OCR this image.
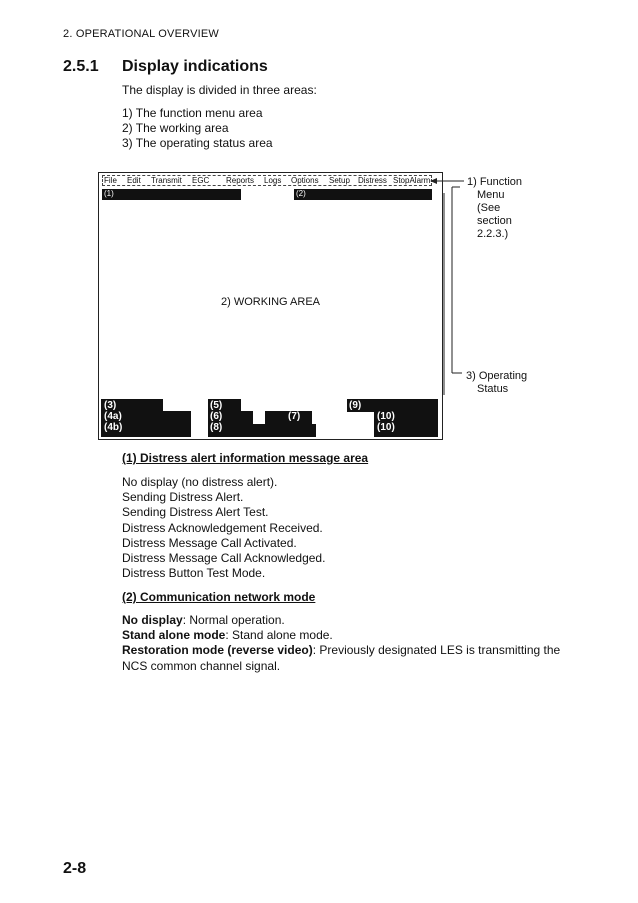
2. OPERATIONAL OVERVIEW
2.5.1 Display indications
The display is divided in three areas:
1) The function menu area
2) The working area
3) The operating status area
File Edit Transmit EGC Reports Logs Options Setup Distress StopAlarm
(1)	(2)
2) WORKING AREA
(3)
(4a)
(4b)
(5)
(6)	(7)
(8)
(9)
(10)
(10)
1) Function
Menu
(See
section
2.2.3.)
3) Operating
Status
(1) Distress alert information message area
No display (no distress alert).
Sending Distress Alert.
Sending Distress Alert Test.
Distress Acknowledgement Received.
Distress Message Call Activated.
Distress Message Call Acknowledged.
Distress Button Test Mode.
(2) Communication network mode
No display: Normal operation.
Stand alone mode: Stand alone mode.
Restoration mode (reverse video): Previously designated LES is transmitting the
NCS common channel signal.
2-8
